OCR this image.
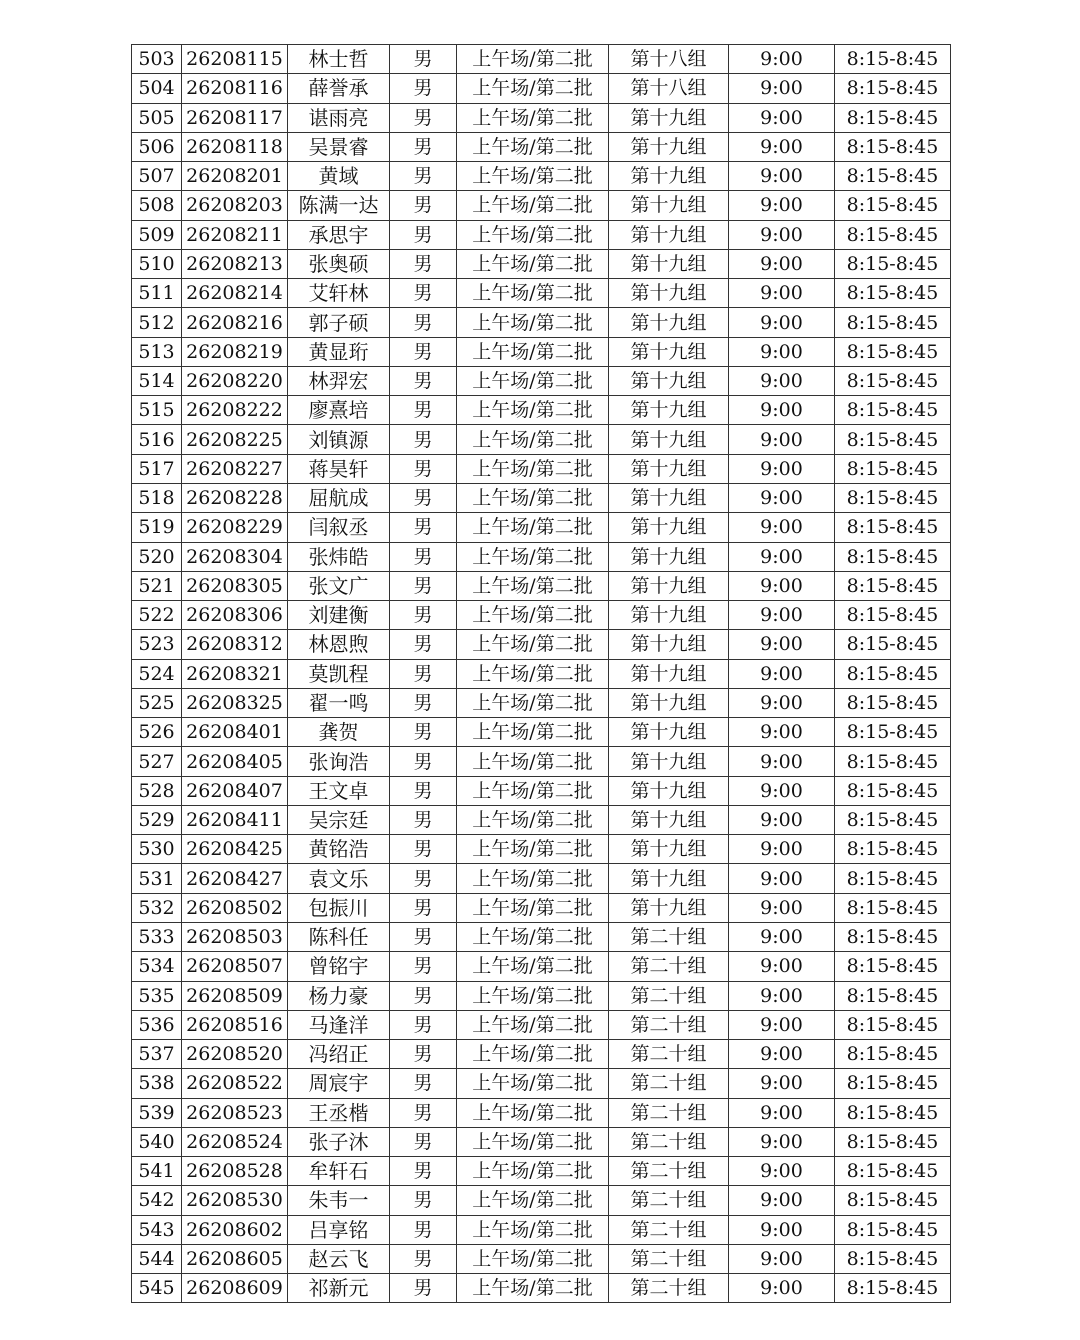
503	26208115	林士哲	男	上午场/第二批	第十八组	9:00	8:15-8:45
504	26208116	薛誉承	男	上午场/第二批	第十八组	9:00	8:15-8:45
505	26208117	谌雨亮	男	上午场/第二批	第十九组	9:00	8:15-8:45
506	26208118	吴景睿	男	上午场/第二批	第十九组	9:00	8:15-8:45
507	26208201	黄域	男	上午场/第二批	第十九组	9:00	8:15-8:45
508	26208203	陈满一达	男	上午场/第二批	第十九组	9:00	8:15-8:45
509	26208211	承思宇	男	上午场/第二批	第十九组	9:00	8:15-8:45
510	26208213	张奥硕	男	上午场/第二批	第十九组	9:00	8:15-8:45
511	26208214	艾轩林	男	上午场/第二批	第十九组	9:00	8:15-8:45
512	26208216	郭子硕	男	上午场/第二批	第十九组	9:00	8:15-8:45
513	26208219	黄显珩	男	上午场/第二批	第十九组	9:00	8:15-8:45
514	26208220	林羿宏	男	上午场/第二批	第十九组	9:00	8:15-8:45
515	26208222	廖熹培	男	上午场/第二批	第十九组	9:00	8:15-8:45
516	26208225	刘镇源	男	上午场/第二批	第十九组	9:00	8:15-8:45
517	26208227	蒋昊轩	男	上午场/第二批	第十九组	9:00	8:15-8:45
518	26208228	屈航成	男	上午场/第二批	第十九组	9:00	8:15-8:45
519	26208229	闫叙丞	男	上午场/第二批	第十九组	9:00	8:15-8:45
520	26208304	张炜皓	男	上午场/第二批	第十九组	9:00	8:15-8:45
521	26208305	张文广	男	上午场/第二批	第十九组	9:00	8:15-8:45
522	26208306	刘建衡	男	上午场/第二批	第十九组	9:00	8:15-8:45
523	26208312	林恩煦	男	上午场/第二批	第十九组	9:00	8:15-8:45
524	26208321	莫凯程	男	上午场/第二批	第十九组	9:00	8:15-8:45
525	26208325	翟一鸣	男	上午场/第二批	第十九组	9:00	8:15-8:45
526	26208401	龚贺	男	上午场/第二批	第十九组	9:00	8:15-8:45
527	26208405	张询浩	男	上午场/第二批	第十九组	9:00	8:15-8:45
528	26208407	王文卓	男	上午场/第二批	第十九组	9:00	8:15-8:45
529	26208411	吴宗廷	男	上午场/第二批	第十九组	9:00	8:15-8:45
530	26208425	黄铭浩	男	上午场/第二批	第十九组	9:00	8:15-8:45
531	26208427	袁文乐	男	上午场/第二批	第十九组	9:00	8:15-8:45
532	26208502	包振川	男	上午场/第二批	第十九组	9:00	8:15-8:45
533	26208503	陈科任	男	上午场/第二批	第二十组	9:00	8:15-8:45
534	26208507	曾铭宇	男	上午场/第二批	第二十组	9:00	8:15-8:45
535	26208509	杨力豪	男	上午场/第二批	第二十组	9:00	8:15-8:45
536	26208516	马逢洋	男	上午场/第二批	第二十组	9:00	8:15-8:45
537	26208520	冯绍正	男	上午场/第二批	第二十组	9:00	8:15-8:45
538	26208522	周宸宇	男	上午场/第二批	第二十组	9:00	8:15-8:45
539	26208523	王丞楷	男	上午场/第二批	第二十组	9:00	8:15-8:45
540	26208524	张子沐	男	上午场/第二批	第二十组	9:00	8:15-8:45
541	26208528	牟轩石	男	上午场/第二批	第二十组	9:00	8:15-8:45
542	26208530	朱韦一	男	上午场/第二批	第二十组	9:00	8:15-8:45
543	26208602	吕享铭	男	上午场/第二批	第二十组	9:00	8:15-8:45
544	26208605	赵云飞	男	上午场/第二批	第二十组	9:00	8:15-8:45
545	26208609	祁新元	男	上午场/第二批	第二十组	9:00	8:15-8:45
